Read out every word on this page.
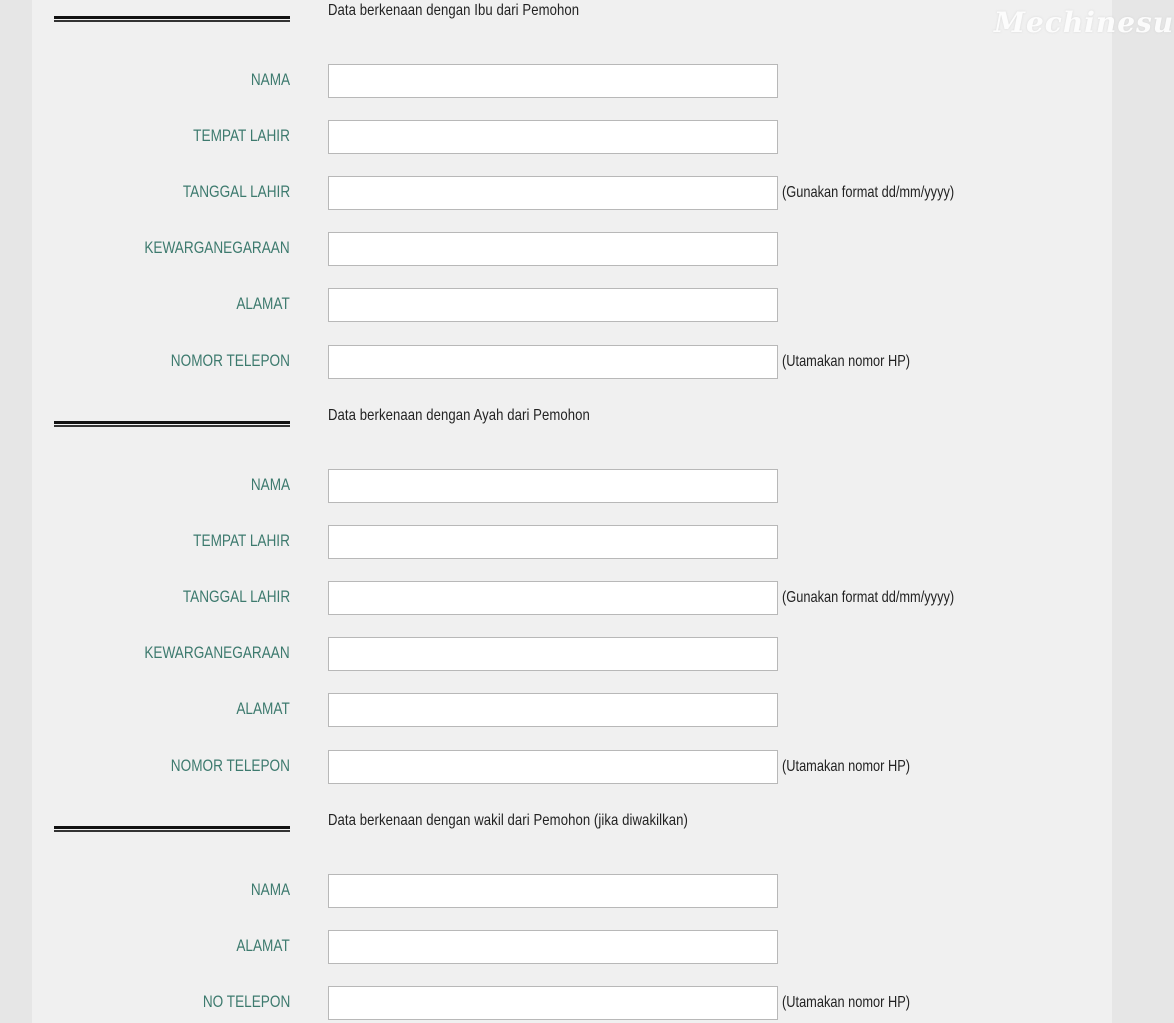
Data berkenaan dengan Ibu dari Pemohon
NAMA
TEMPAT LAHIR
TANGGAL LAHIR	(Gunakan format dd/mm/yyyy)
KEWARGANEGARAAN
ALAMAT
NOMOR TELEPON	(Utamakan nomor HP)
Data berkenaan dengan Ayah dari Pemohon
NAMA
TEMPAT LAHIR
TANGGAL LAHIR	(Gunakan format dd/mm/yyyy)
KEWARGANEGARAAN
ALAMAT
NOMOR TELEPON	(Utamakan nomor HP)
Data berkenaan dengan wakil dari Pemohon (jika diwakilkan)
NAMA
ALAMAT
NO TELEPON	(Utamakan nomor HP)
Mechinesu
